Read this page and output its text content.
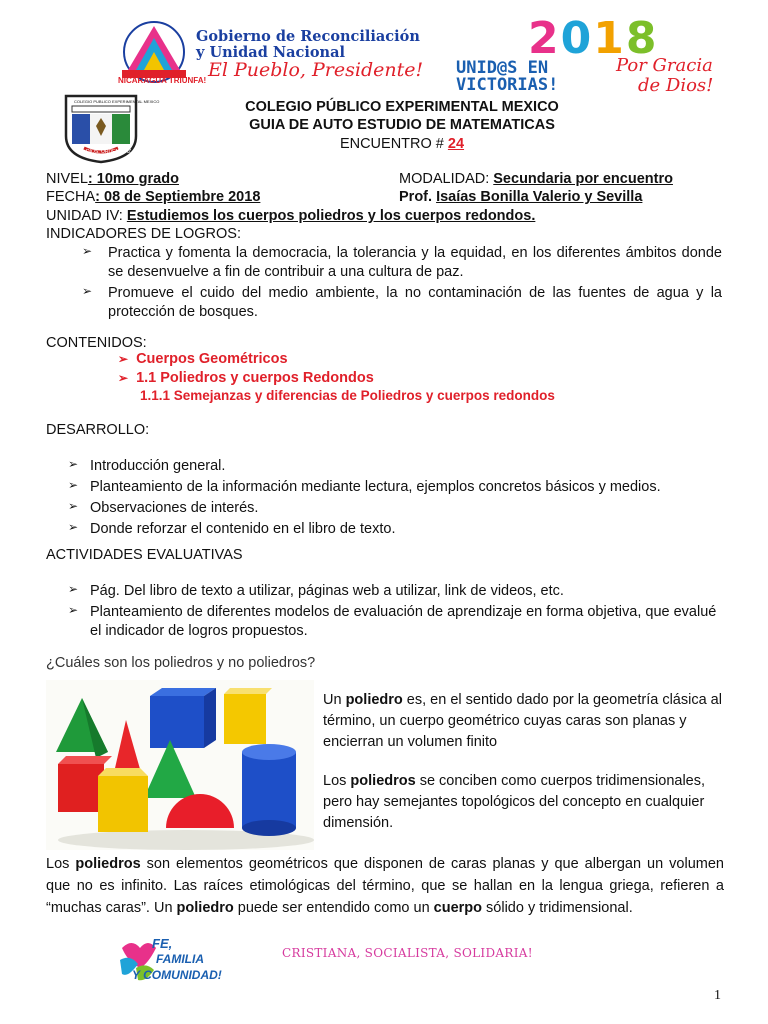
NICARAGUA TRIUNFA!
Gobierno de Reconciliación
y Unidad Nacional
El Pueblo, Presidente!
2018
UNID@S EN
VICTORIAS!
Por Gracia
de Dios!
COLEGIO PUBLICO EXPERIMENTAL MEXICO
DIOS, ORDEN, PAZ
COLEGIO PÚBLICO EXPERIMENTAL MEXICO
GUIA DE AUTO ESTUDIO DE MATEMATICAS
ENCUENTRO # 24
NIVEL: 10mo grado	MODALIDAD: Secundaria por encuentro
FECHA: 08 de Septiembre 2018	Prof. Isaías Bonilla Valerio y Sevilla
UNIDAD IV: Estudiemos los cuerpos poliedros y los cuerpos redondos.
INDICADORES DE LOGROS:
➢ Practica y fomenta la democracia, la tolerancia y la equidad, en los diferentes ámbitos donde se desenvuelve a fin de contribuir a una cultura de paz.
➢ Promueve el cuido del medio ambiente, la no contaminación de las fuentes de agua y la protección de bosques.
CONTENIDOS:
➢ Cuerpos Geométricos
➢ 1.1 Poliedros y cuerpos Redondos
1.1.1 Semejanzas y diferencias de Poliedros y cuerpos redondos
DESARROLLO:
➢ Introducción general.
➢ Planteamiento de la información mediante lectura, ejemplos concretos básicos y medios.
➢ Observaciones de interés.
➢ Donde reforzar el contenido en el libro de texto.
ACTIVIDADES EVALUATIVAS
➢ Pág. Del libro de texto a utilizar, páginas web a utilizar, link de videos, etc.
➢ Planteamiento de diferentes modelos de evaluación de aprendizaje en forma objetiva, que evalué el indicador de logros propuestos.
¿Cuáles son los poliedros y no poliedros?
Un poliedro es, en el sentido dado por la geometría clásica al término, un cuerpo geométrico cuyas caras son planas y encierran un volumen finito
Los poliedros se conciben como cuerpos tridimensionales, pero hay semejantes topológicos del concepto en cualquier dimensión.
Los poliedros son elementos geométricos que disponen de caras planas y que albergan un volumen que no es infinito. Las raíces etimológicas del término, que se hallan en la lengua griega, refieren a “muchas caras”. Un poliedro puede ser entendido como un cuerpo sólido y tridimensional.
FE,
FAMILIA
Y COMUNIDAD!
CRISTIANA, SOCIALISTA, SOLIDARIA!
1
